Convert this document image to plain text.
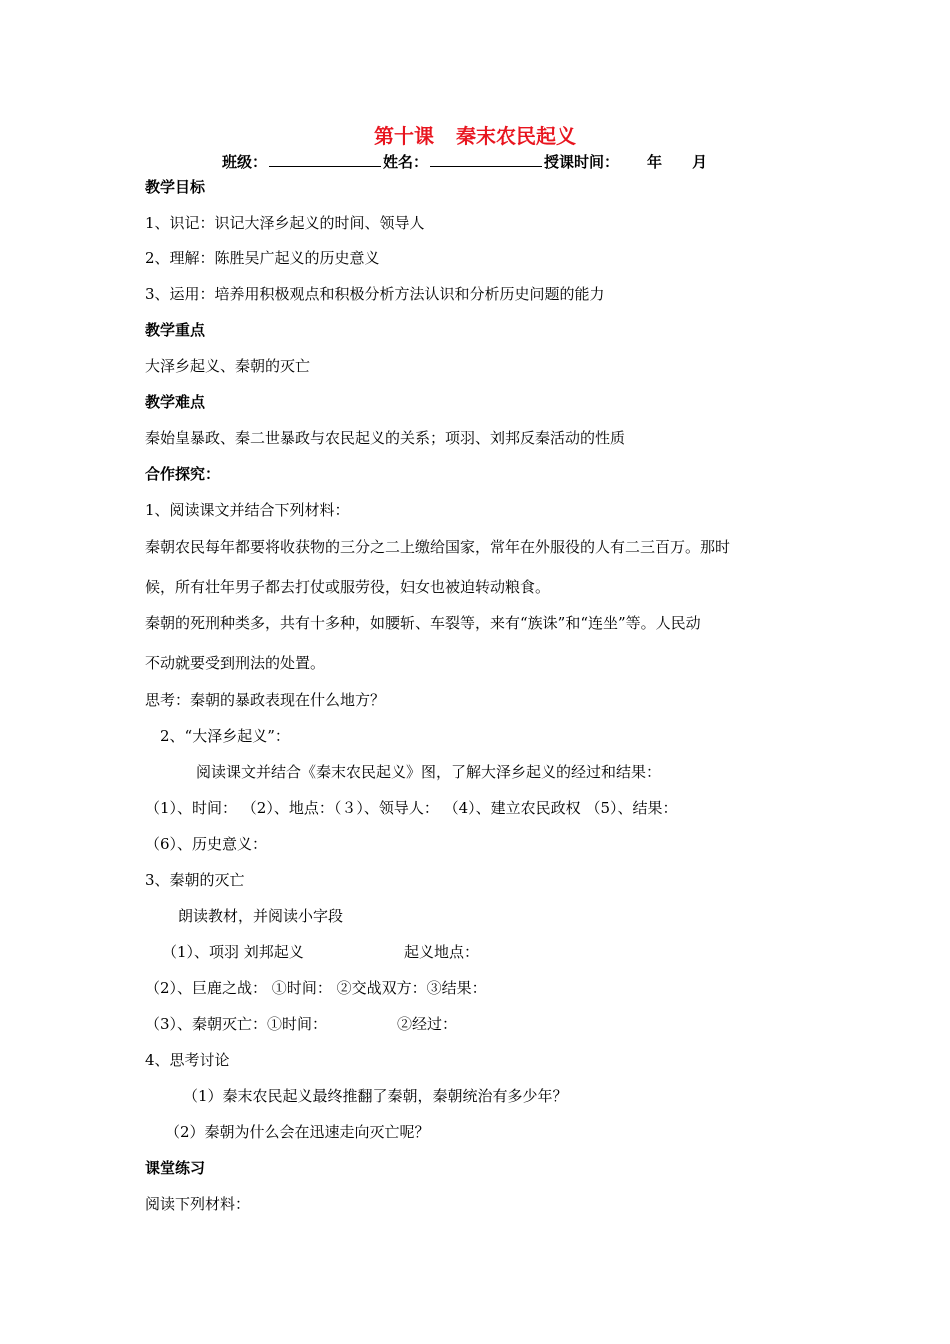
第十课 秦末农民起义
班级：	姓名：	授课时间： 年 月
教学目标
1、识记：识记大泽乡起义的时间、领导人
2、理解：陈胜吴广起义的历史意义
3、运用：培养用积极观点和积极分析方法认识和分析历史问题的能力
教学重点
大泽乡起义、秦朝的灭亡
教学难点
秦始皇暴政、秦二世暴政与农民起义的关系；项羽、刘邦反秦活动的性质
合作探究：
1、阅读课文并结合下列材料：
秦朝农民每年都要将收获物的三分之二上缴给国家，常年在外服役的人有二三百万。那时
候，所有壮年男子都去打仗或服劳役，妇女也被迫转动粮食。
秦朝的死刑种类多，共有十多种，如腰斩、车裂等，来有“族诛”和“连坐”等。人民动
不动就要受到刑法的处置。
思考：秦朝的暴政表现在什么地方？
2、“大泽乡起义”：
阅读课文并结合《秦末农民起义》图，了解大泽乡起义的经过和结果：
（1）、时间： （2）、地点：（３）、领导人： （4）、建立农民政权 （5）、结果：
（6）、历史意义：
3、秦朝的灭亡
朗读教材，并阅读小字段
（1）、项羽 刘邦起义	起义地点：
（2）、巨鹿之战： ①时间： ②交战双方：③结果：
（3）、秦朝灭亡：①时间：	②经过：
4、思考讨论
（1）秦末农民起义最终推翻了秦朝，秦朝统治有多少年？
（2）秦朝为什么会在迅速走向灭亡呢？
课堂练习
阅读下列材料：
